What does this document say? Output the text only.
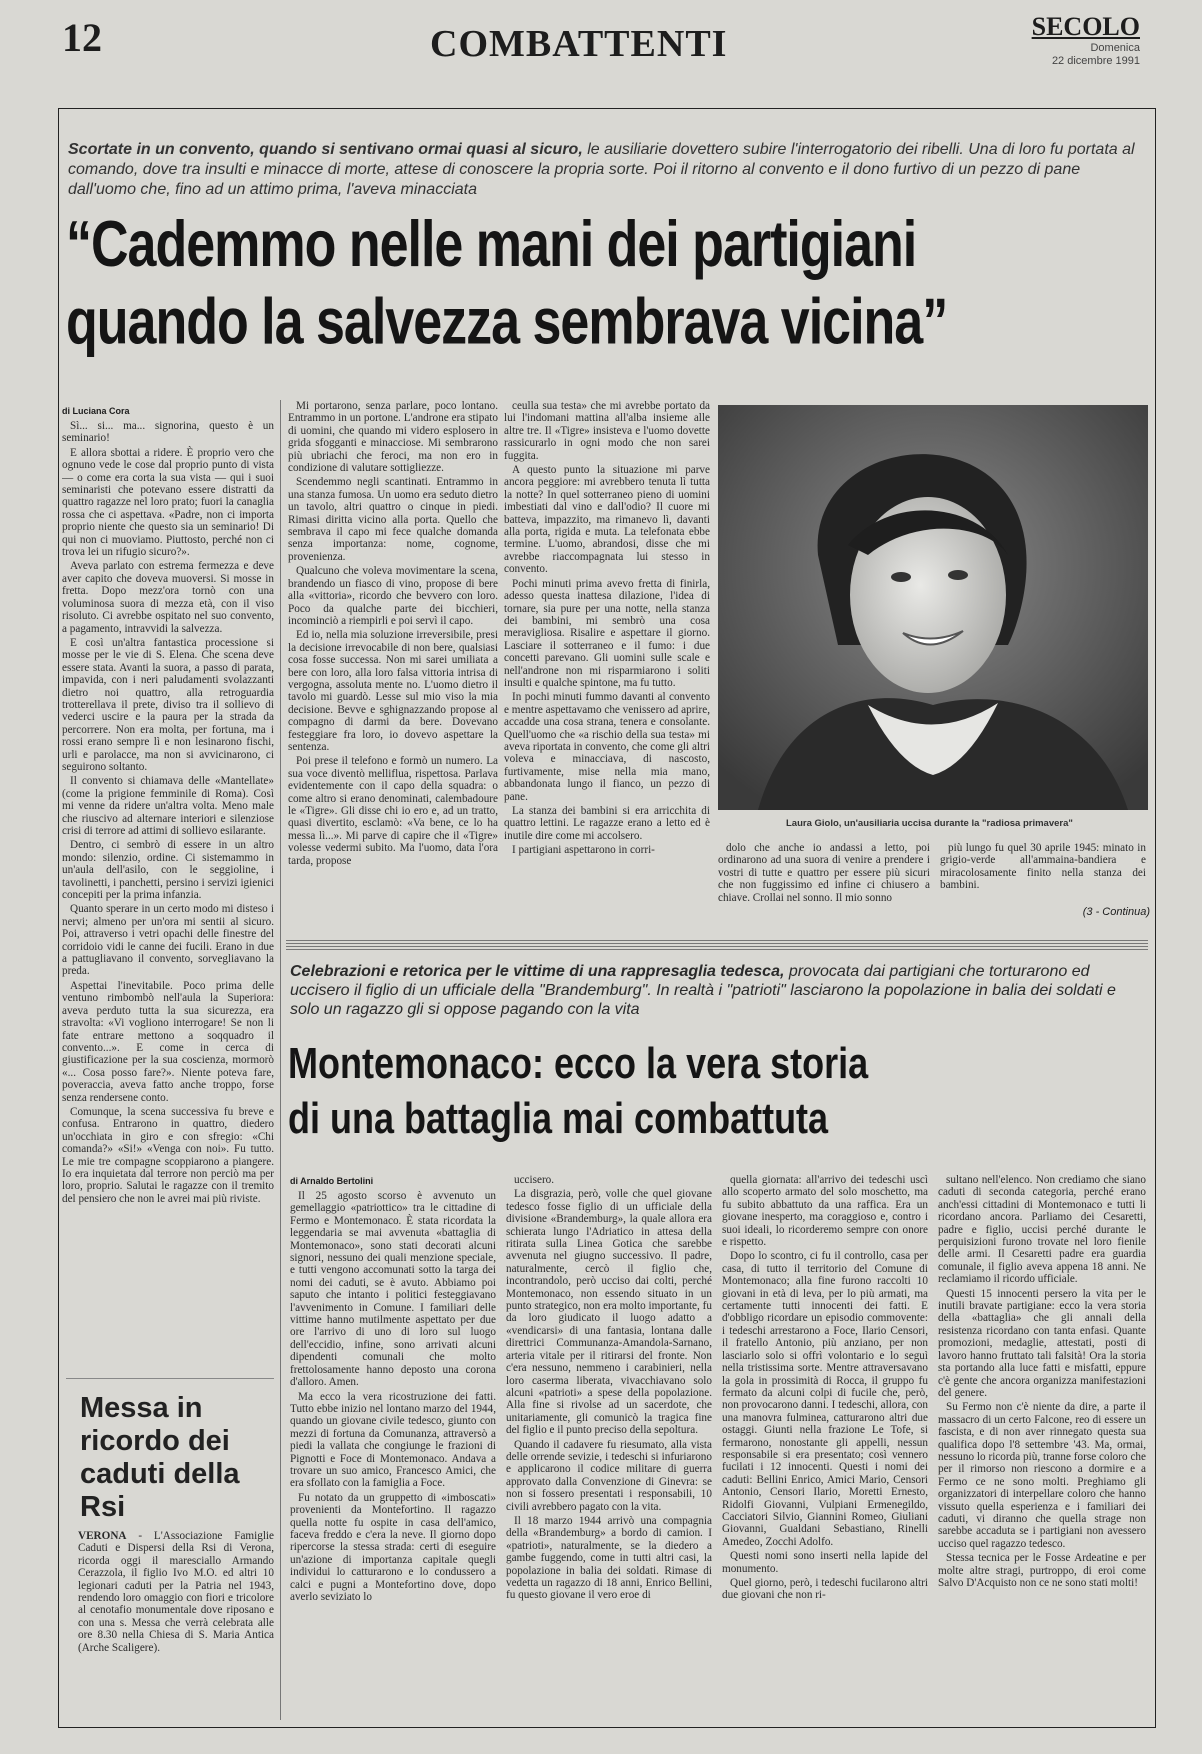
12	COMBATTENTI	SECOLO
Domenica
22 dicembre 1991
Scortate in un convento, quando si sentivano ormai quasi al sicuro, le ausiliarie dovettero subire l'interrogatorio dei ribelli. Una di loro fu portata al comando, dove tra insulti e minacce di morte, attese di conoscere la propria sorte. Poi il ritorno al convento e il dono furtivo di un pezzo di pane dall'uomo che, fino ad un attimo prima, l'aveva minacciata
“Cademmo nelle mani dei partigiani
quando la salvezza sembrava vicina”
di Luciana Cora

Sì... si... ma... signorina, questo è un seminario!

E allora sbottai a ridere. È proprio vero che ognuno vede le cose dal proprio punto di vista — o come era corta la sua vista — qui i suoi seminaristi che potevano essere distratti da quattro ragazze nel loro prato; fuori la canaglia rossa che ci aspettava. «Padre, non ci importa proprio niente che questo sia un seminario! Di qui non ci muoviamo. Piuttosto, perché non ci trova lei un rifugio sicuro?».

Aveva parlato con estrema fermezza e deve aver capito che doveva muoversi. Si mosse in fretta. Dopo mezz'ora tornò con una voluminosa suora di mezza età, con il viso risoluto. Ci avrebbe ospitato nel suo convento, a pagamento, intravvidi la salvezza.

E così un'altra fantastica processione si mosse per le vie di S. Elena. Che scena deve essere stata. Avanti la suora, a passo di parata, impavida, con i neri paludamenti svolazzanti dietro noi quattro, alla retroguardia trotterellava il prete, diviso tra il sollievo di vederci uscire e la paura per la strada da percorrere. Non era molta, per fortuna, ma i rossi erano sempre lì e non lesinarono fischi, urli e parolacce, ma non si avvicinarono, ci seguirono soltanto.

Il convento si chiamava delle «Mantellate» (come la prigione femminile di Roma). Così mi venne da ridere un'altra volta. Meno male che riuscivo ad alternare interiori e silenziose crisi di terrore ad attimi di sollievo esilarante.

Dentro, ci sembrò di essere in un altro mondo: silenzio, ordine. Ci sistemammo in un'aula dell'asilo, con le seggioline, i tavolinetti, i panchetti, persino i servizi igienici concepiti per la prima infanzia.

Quanto sperare in un certo modo mi disteso i nervi; almeno per un'ora mi sentii al sicuro. Poi, attraverso i vetri opachi delle finestre del corridoio vidi le canne dei fucili. Erano in due a pattugliavano il convento, sorvegliavano la preda.

Aspettai l'inevitabile. Poco prima delle ventuno rimbombò nell'aula la Superiora: aveva perduto tutta la sua sicurezza, era stravolta: «Vi vogliono interrogare! Se non li fate entrare mettono a soqquadro il convento...». E come in cerca di giustificazione per la sua coscienza, mormorò «... Cosa posso fare?». Niente poteva fare, poveraccia, aveva fatto anche troppo, forse senza rendersene conto.

Comunque, la scena successiva fu breve e confusa. Entrarono in quattro, diedero un'occhiata in giro e con sfregio: «Chi comanda?» «Si!» «Venga con noi». Fu tutto. Le mie tre compagne scoppiarono a piangere. Io era inquietata dal terrore non perciò ma per loro, proprio. Salutai le ragazze con il tremito del pensiero che non le avrei mai più riviste.

Mi portarono, senza parlare, poco lontano. Entrammo in un portone. L'androne era stipato di uomini, che quando mi videro esplosero in grida sfogganti e minacciose. Mi sembrarono più ubriachi che feroci, ma non ero in condizione di valutare sottigliezze.

Scendemmo negli scantinati. Entrammo in una stanza fumosa. Un uomo era seduto dietro un tavolo, altri quattro o cinque in piedi. Rimasi diritta vicino alla porta. Quello che sembrava il capo mi fece qualche domanda senza importanza: nome, cognome, provenienza.

Qualcuno che voleva movimentare la scena, brandendo un fiasco di vino, propose di bere alla «vittoria», ricordo che bevvero con loro. Poco da qualche parte dei bicchieri, incominciò a riempirli e poi servì il capo.

Ed io, nella mia soluzione irreversibile, presi la decisione irrevocabile di non bere, qualsiasi cosa fosse successa. Non mi sarei umiliata a bere con loro, alla loro falsa vittoria intrisa di vergogna, assoluta mente no. L'uomo dietro il tavolo mi guardò. Lesse sul mio viso la mia decisione. Bevve e sghignazzando propose al compagno di darmi da bere. Dovevano festeggiare fra loro, io dovevo aspettare la sentenza.

Poi prese il telefono e formò un numero. La sua voce diventò melliflua, rispettosa. Parlava evidentemente con il capo della squadra: o come altro si erano denominati, calembadoure le «Tigre». Gli disse chi io ero e, ad un tratto, quasi divertito, esclamò: «Va bene, ce lo ha messa lì...». Mi parve di capire che il «Tigre» volesse vedermi subito. Ma l'uomo, data l'ora tarda, propose

ceulla sua testa» che mi avrebbe portato da lui l'indomani mattina all'alba insieme alle altre tre. Il «Tigre» insisteva e l'uomo dovette rassicurarlo in ogni modo che non sarei fuggita.

A questo punto la situazione mi parve ancora peggiore: mi avrebbero tenuta lì tutta la notte? In quel sotterraneo pieno di uomini imbestiati dal vino e dall'odio? Il cuore mi batteva, impazzito, ma rimanevo lì, davanti alla porta, rigida e muta. La telefonata ebbe termine. L'uomo, abrandosi, disse che mi avrebbe riaccompagnata lui stesso in convento.

Pochi minuti prima avevo fretta di finirla, adesso questa inattesa dilazione, l'idea di tornare, sia pure per una notte, nella stanza dei bambini, mi sembrò una cosa meravigliosa. Risalire e aspettare il giorno. Lasciare il sotterraneo e il fumo: i due concetti parevano. Gli uomini sulle scale e nell'androne non mi risparmiarono i soliti insulti e qualche spintone, ma fu tutto.

In pochi minuti fummo davanti al convento e mentre aspettavamo che venissero ad aprire, accadde una cosa strana, tenera e consolante. Quell'uomo che «a rischio della sua testa» mi aveva riportata in convento, che come gli altri voleva e minacciava, di nascosto, furtivamente, mise nella mia mano, abbandonata lungo il fianco, un pezzo di pane.

La stanza dei bambini si era arricchita di quattro lettini. Le ragazze erano a letto ed è inutile dire come mi accolsero.

I partigiani aspettarono in corri-

Laura Giolo, un'ausiliaria uccisa durante la "radiosa primavera"

dolo che anche io andassi a letto, poi ordinarono ad una suora di venire a prendere i vostri di tutte e quattro per essere più sicuri che non fuggissimo ed infine ci chiusero a chiave. Crollai nel sonno. Il mio sonno

più lungo fu quel 30 aprile 1945: minato in grigio-verde all'ammaina-bandiera e miracolosamente finito nella stanza dei bambini.

(3 - Continua)
Messa in ricordo dei caduti della Rsi

VERONA - L'Associazione Famiglie Caduti e Dispersi della Rsi di Verona, ricorda oggi il maresciallo Armando Cerazzola, il figlio Ivo M.O. ed altri 10 legionari caduti per la Patria nel 1943, rendendo loro omaggio con fiori e tricolore al cenotafio monumentale dove riposano e con una s. Messa che verrà celebrata alle ore 8.30 nella Chiesa di S. Maria Antica (Arche Scaligere).

Celebrazioni e retorica per le vittime di una rappresaglia tedesca, provocata dai partigiani che torturarono ed uccisero il figlio di un ufficiale della "Brandemburg". In realtà i "patrioti" lasciarono la popolazione in balia dei soldati e solo un ragazzo gli si oppose pagando con la vita
Montemonaco: ecco la vera storia
di una battaglia mai combattuta
di Arnaldo Bertolini

Il 25 agosto scorso è avvenuto un gemellaggio «patriottico» tra le cittadine di Fermo e Montemonaco. È stata ricordata la leggendaria se mai avvenuta «battaglia di Montemonaco», sono stati decorati alcuni signori, nessuno dei quali menzione speciale, e tutti vengono accomunati sotto la targa dei nomi dei caduti, se è avuto. Abbiamo poi saputo che intanto i politici festeggiavano l'avvenimento in Comune. I familiari delle vittime hanno mutilmente aspettato per due ore l'arrivo di uno di loro sul luogo dell'eccidio, infine, sono arrivati alcuni dipendenti comunali che molto frettolosamente hanno deposto una corona d'alloro. Amen.

Ma ecco la vera ricostruzione dei fatti. Tutto ebbe inizio nel lontano marzo del 1944, quando un giovane civile tedesco, giunto con mezzi di fortuna da Comunanza, attraversò a piedi la vallata che congiunge le frazioni di Pignotti e Foce di Montemonaco. Andava a trovare un suo amico, Francesco Amici, che era sfollato con la famiglia a Foce.

Fu notato da un gruppetto di «imboscati» provenienti da Montefortino. Il ragazzo quella notte fu ospite in casa dell'amico, faceva freddo e c'era la neve. Il giorno dopo ripercorse la stessa strada: certi di eseguire un'azione di importanza capitale quegli individui lo catturarono e lo condussero a calci e pugni a Montefortino dove, dopo averlo seviziato lo

uccisero.

La disgrazia, però, volle che quel giovane tedesco fosse figlio di un ufficiale della divisione «Brandemburg», la quale allora era schierata lungo l'Adriatico in attesa della ritirata sulla Linea Gotica che sarebbe avvenuta nel giugno successivo. Il padre, naturalmente, cercò il figlio che, incontrandolo, però ucciso dai colti, perché Montemonaco, non essendo situato in un punto strategico, non era molto importante, fu da loro giudicato il luogo adatto a «vendicarsi» di una fantasia, lontana dalle direttrici Communanza-Amandola-Sarnano, arteria vitale per il ritirarsi del fronte. Non c'era nessuno, nemmeno i carabinieri, nella loro caserma liberata, vivacchiavano solo alcuni «patrioti» a spese della popolazione. Alla fine si rivolse ad un sacerdote, che unitariamente, gli comunicò la tragica fine del figlio e il punto preciso della sepoltura.

Quando il cadavere fu riesumato, alla vista delle orrende sevizie, i tedeschi si infuriarono e applicarono il codice militare di guerra approvato dalla Convenzione di Ginevra: se non si fossero presentati i responsabili, 10 civili avrebbero pagato con la vita.

Il 18 marzo 1944 arrivò una compagnia della «Brandemburg» a bordo di camion. I «patrioti», naturalmente, se la diedero a gambe fuggendo, come in tutti altri casi, la popolazione in balia dei soldati. Rimase di vedetta un ragazzo di 18 anni, Enrico Bellini, fu questo giovane il vero eroe di

quella giornata: all'arrivo dei tedeschi uscì allo scoperto armato del solo moschetto, ma fu subito abbattuto da una raffica. Era un giovane inesperto, ma coraggioso e, contro i suoi ideali, lo ricorderemo sempre con onore e rispetto.

Dopo lo scontro, ci fu il controllo, casa per casa, di tutto il territorio del Comune di Montemonaco; alla fine furono raccolti 10 giovani in età di leva, per lo più armati, ma certamente tutti innocenti dei fatti. E d'obbligo ricordare un episodio commovente: i tedeschi arrestarono a Foce, Ilario Censori, il fratello Antonio, più anziano, per non lasciarlo solo si offrì volontario e lo seguì nella tristissima sorte. Mentre attraversavano la gola in prossimità di Rocca, il gruppo fu fermato da alcuni colpi di fucile che, però, non provocarono danni. I tedeschi, allora, con una manovra fulminea, catturarono altri due ostaggi. Giunti nella frazione Le Tofe, si fermarono, nonostante gli appelli, nessun responsabile si era presentato; così vennero fucilati i 12 innocenti. Questi i nomi dei caduti: Bellini Enrico, Amici Mario, Censori Antonio, Censori Ilario, Moretti Ernesto, Ridolfi Giovanni, Vulpiani Ermenegildo, Cacciatori Silvio, Giannini Romeo, Giuliani Giovanni, Gualdani Sebastiano, Rinelli Amedeo, Zocchi Adolfo.

Questi nomi sono inserti nella lapide del monumento.

Quel giorno, però, i tedeschi fucilarono altri due giovani che non ri-

sultano nell'elenco. Non crediamo che siano caduti di seconda categoria, perché erano anch'essi cittadini di Montemonaco e tutti li ricordano ancora. Parliamo dei Cesaretti, padre e figlio, uccisi perché durante le perquisizioni furono trovate nel loro fienile delle armi. Il Cesaretti padre era guardia comunale, il figlio aveva appena 18 anni. Ne reclamiamo il ricordo ufficiale.

Questi 15 innocenti persero la vita per le inutili bravate partigiane: ecco la vera storia della «battaglia» che gli annali della resistenza ricordano con tanta enfasi. Quante promozioni, medaglie, attestati, posti di lavoro hanno fruttato tali falsità! Ora la storia sta portando alla luce fatti e misfatti, eppure c'è gente che ancora organizza manifestazioni del genere.

Su Fermo non c'è niente da dire, a parte il massacro di un certo Falcone, reo di essere un fascista, e di non aver rinnegato questa sua qualifica dopo l'8 settembre '43. Ma, ormai, nessuno lo ricorda più, tranne forse coloro che per il rimorso non riescono a dormire e a Fermo ce ne sono molti. Preghiamo gli organizzatori di interpellare coloro che hanno vissuto quella esperienza e i familiari dei caduti, vi diranno che quella strage non sarebbe accaduta se i partigiani non avessero ucciso quel ragazzo tedesco.

Stessa tecnica per le Fosse Ardeatine e per molte altre stragi, purtroppo, di eroi come Salvo D'Acquisto non ce ne sono stati molti!
